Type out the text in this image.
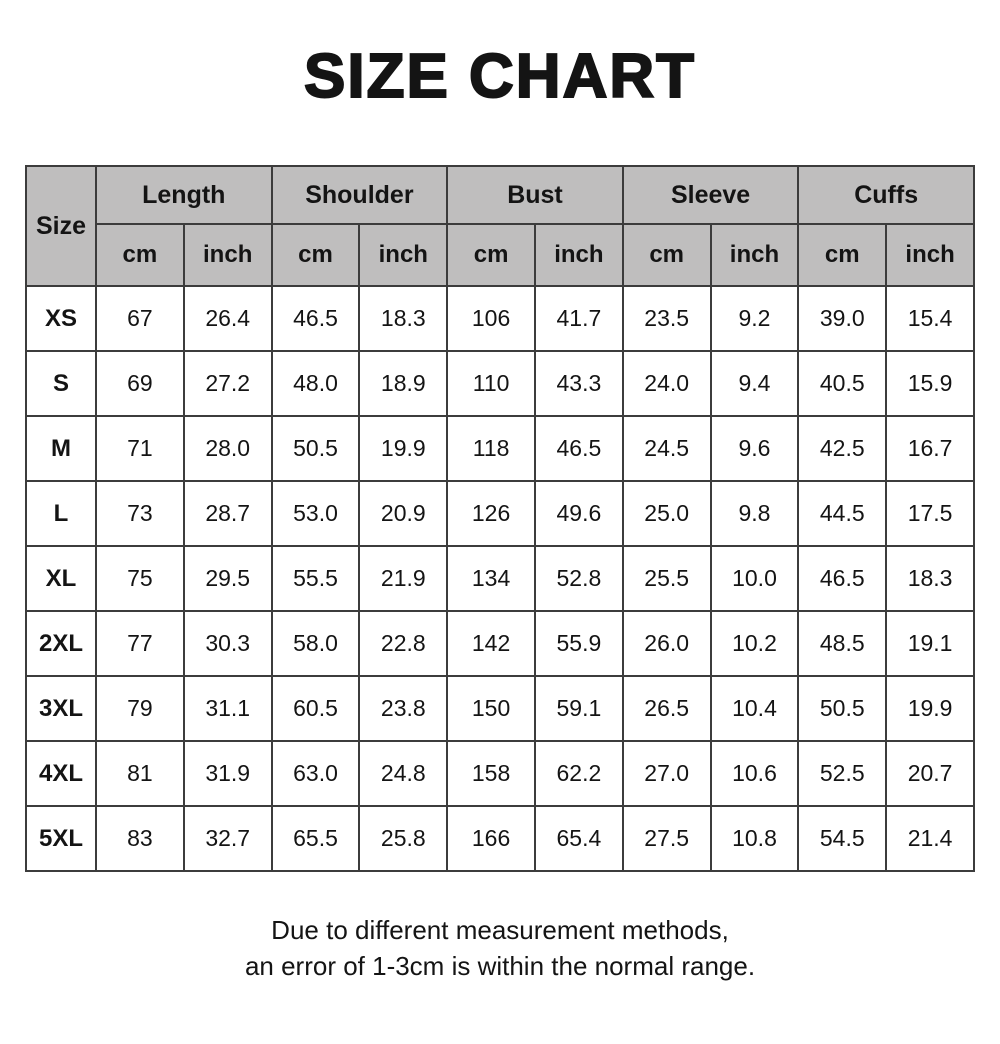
SIZE CHART
Size	Length		Shoulder		Bust		Sleeve		Cuffs	
	cm	inch	cm	inch	cm	inch	cm	inch	cm	inch
XS	67	26.4	46.5	18.3	106	41.7	23.5	9.2	39.0	15.4
S	69	27.2	48.0	18.9	110	43.3	24.0	9.4	40.5	15.9
M	71	28.0	50.5	19.9	118	46.5	24.5	9.6	42.5	16.7
L	73	28.7	53.0	20.9	126	49.6	25.0	9.8	44.5	17.5
XL	75	29.5	55.5	21.9	134	52.8	25.5	10.0	46.5	18.3
2XL	77	30.3	58.0	22.8	142	55.9	26.0	10.2	48.5	19.1
3XL	79	31.1	60.5	23.8	150	59.1	26.5	10.4	50.5	19.9
4XL	81	31.9	63.0	24.8	158	62.2	27.0	10.6	52.5	20.7
5XL	83	32.7	65.5	25.8	166	65.4	27.5	10.8	54.5	21.4
Due to different measurement methods,
an error of 1-3cm is within the normal range.
